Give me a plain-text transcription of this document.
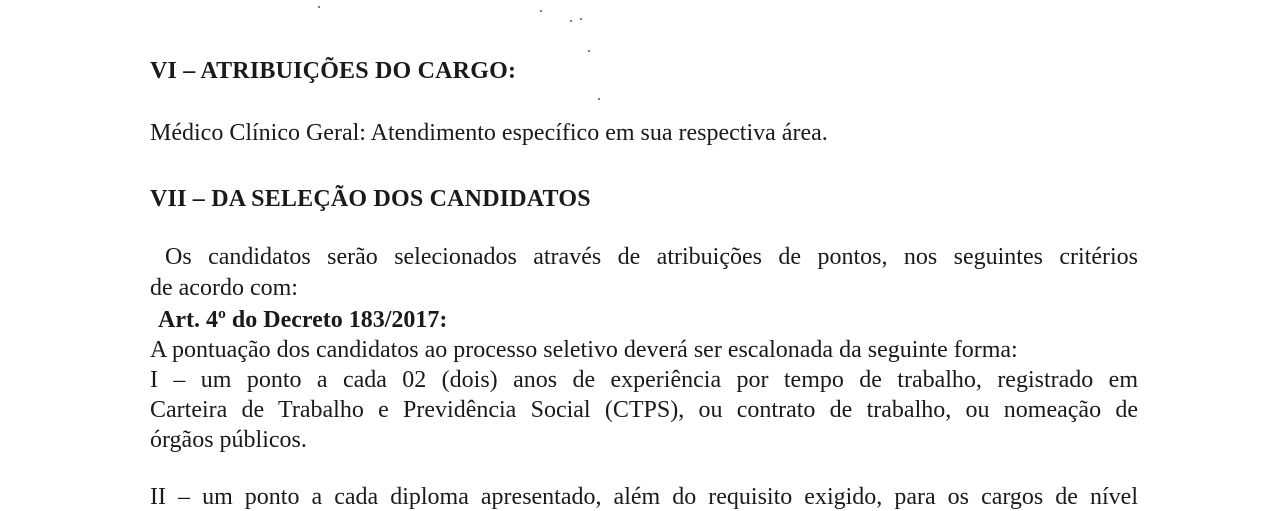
VI – ATRIBUIÇÕES DO CARGO:
Médico Clínico Geral: Atendimento específico em sua respectiva área.
VII – DA SELEÇÃO DOS CANDIDATOS
Os candidatos serão selecionados através de atribuições de pontos, nos seguintes critérios
de acordo com:
Art. 4º do Decreto 183/2017:
A pontuação dos candidatos ao processo seletivo deverá ser escalonada da seguinte forma:
I – um ponto a cada 02 (dois) anos de experiência por tempo de trabalho, registrado em
Carteira de Trabalho e Previdência Social (CTPS), ou contrato de trabalho, ou nomeação de
órgãos públicos.
II – um ponto a cada diploma apresentado, além do requisito exigido, para os cargos de nível
